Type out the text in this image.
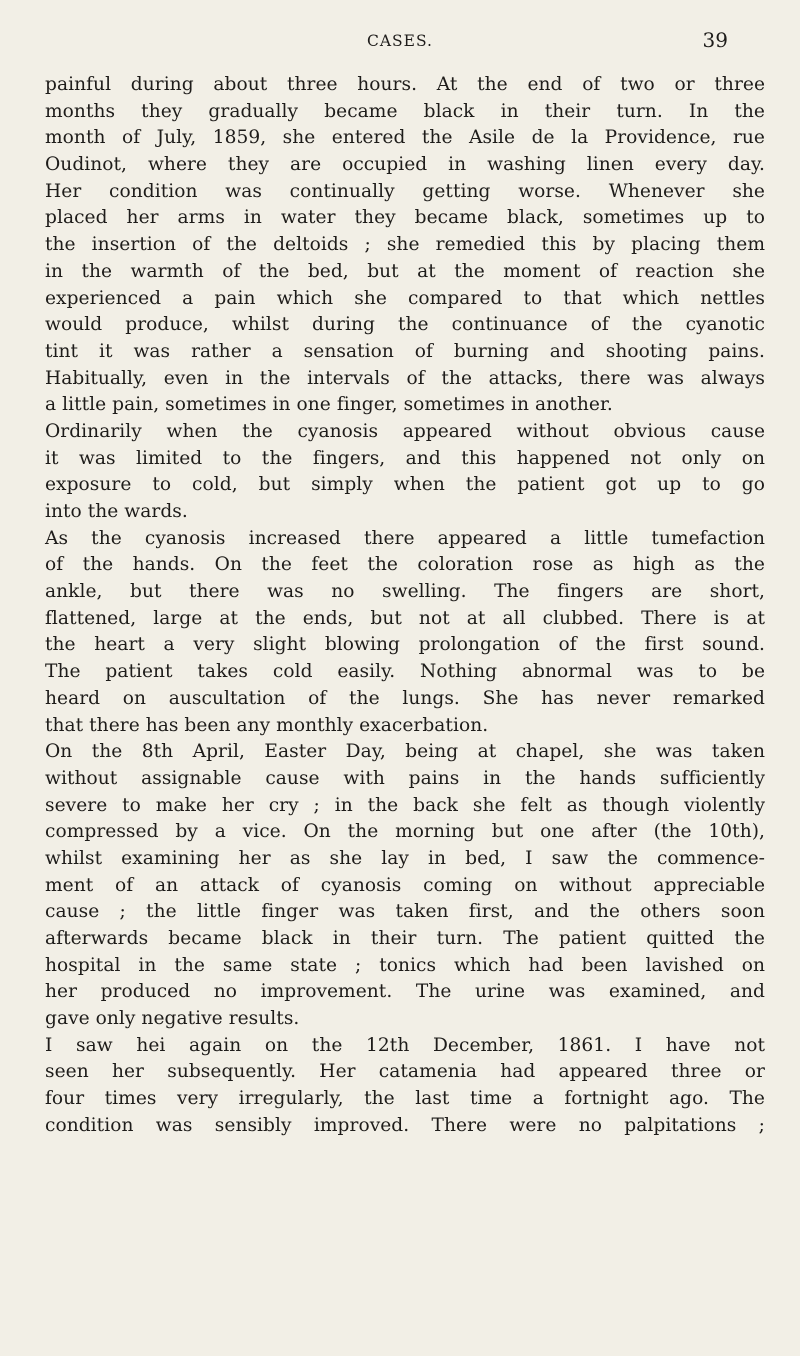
CASES.	39
painful during about three hours. At the end of two or three
months they gradually became black in their turn. In the
month of July, 1859, she entered the Asile de la Providence, rue
Oudinot, where they are occupied in washing linen every day.
Her condition was continually getting worse. Whenever she
placed her arms in water they became black, sometimes up to
the insertion of the deltoids ; she remedied this by placing them
in the warmth of the bed, but at the moment of reaction she
experienced a pain which she compared to that which nettles
would produce, whilst during the continuance of the cyanotic
tint it was rather a sensation of burning and shooting pains.
Habitually, even in the intervals of the attacks, there was always
a little pain, sometimes in one finger, sometimes in another.
Ordinarily when the cyanosis appeared without obvious cause
it was limited to the fingers, and this happened not only on
exposure to cold, but simply when the patient got up to go
into the wards.
As the cyanosis increased there appeared a little tumefaction
of the hands. On the feet the coloration rose as high as the
ankle, but there was no swelling. The fingers are short,
flattened, large at the ends, but not at all clubbed. There is at
the heart a very slight blowing prolongation of the first sound.
The patient takes cold easily. Nothing abnormal was to be
heard on auscultation of the lungs. She has never remarked
that there has been any monthly exacerbation.
On the 8th April, Easter Day, being at chapel, she was taken
without assignable cause with pains in the hands sufficiently
severe to make her cry ; in the back she felt as though violently
compressed by a vice. On the morning but one after (the 10th),
whilst examining her as she lay in bed, I saw the commence-
ment of an attack of cyanosis coming on without appreciable
cause ; the little finger was taken first, and the others soon
afterwards became black in their turn. The patient quitted the
hospital in the same state ; tonics which had been lavished on
her produced no improvement. The urine was examined, and
gave only negative results.
I saw hei again on the 12th December, 1861. I have not
seen her subsequently. Her catamenia had appeared three or
four times very irregularly, the last time a fortnight ago. The
condition was sensibly improved. There were no palpitations ;
